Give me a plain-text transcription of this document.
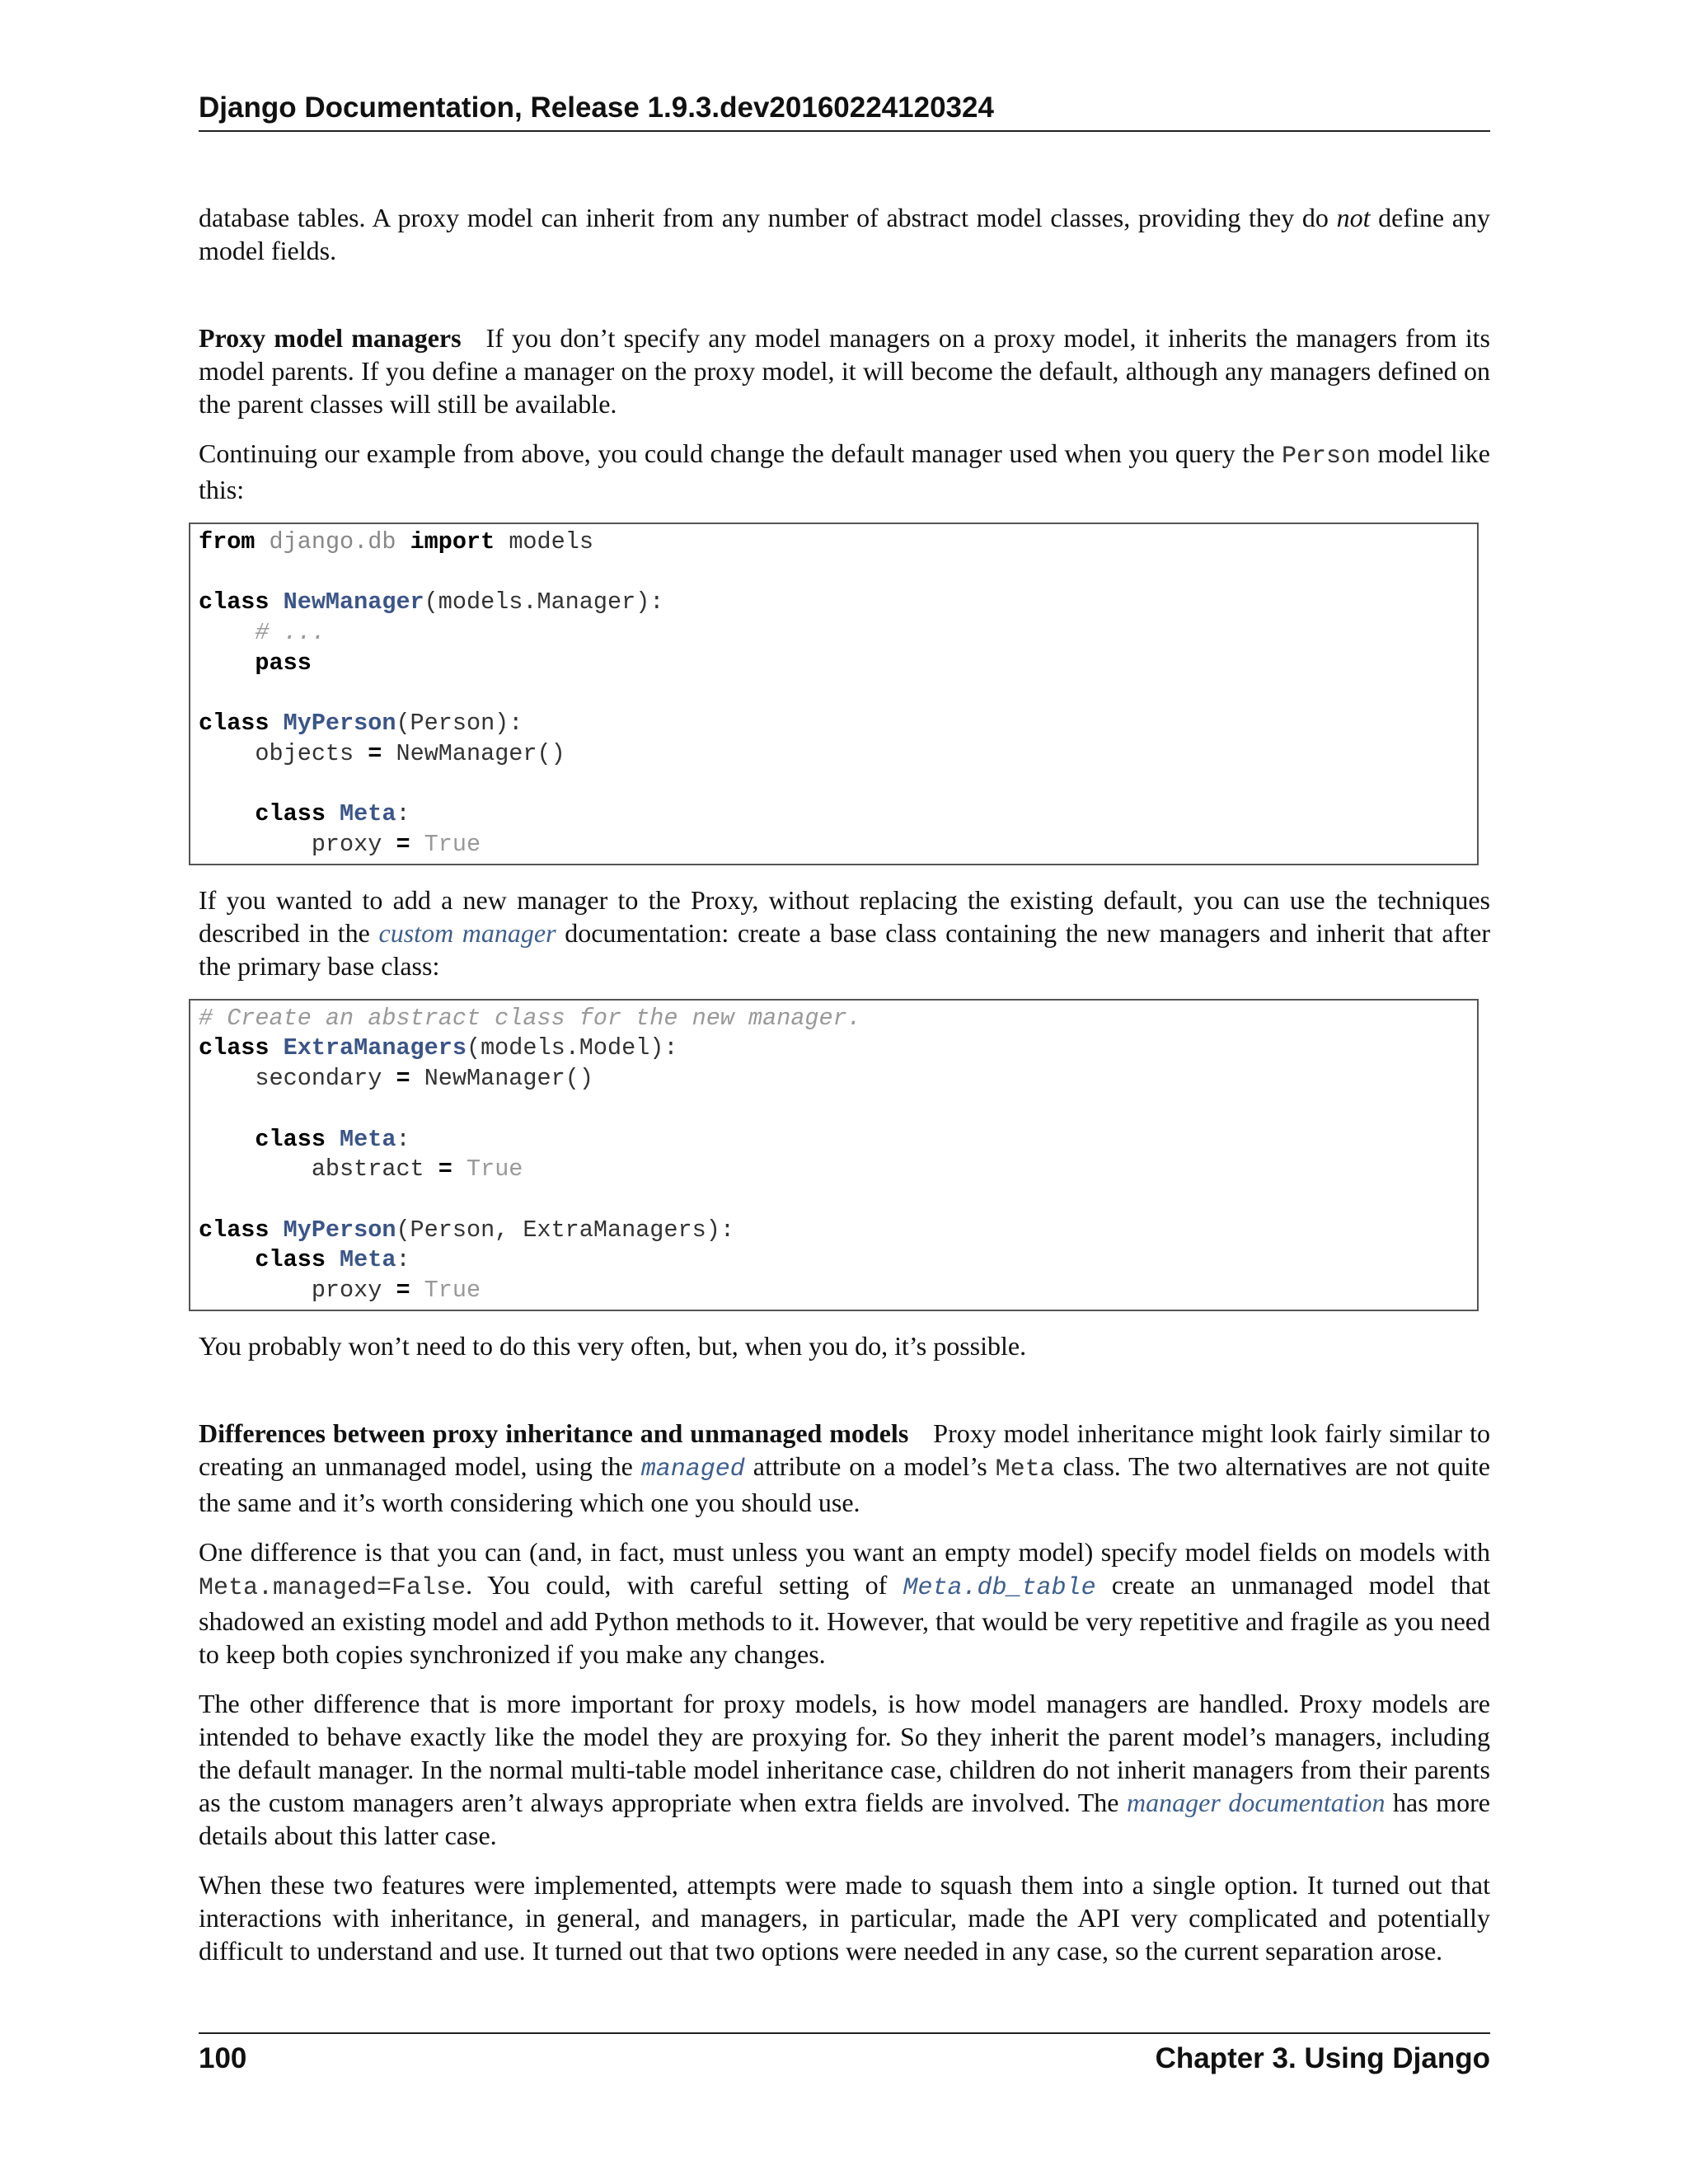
Django Documentation, Release 1.9.3.dev20160224120324

database tables. A proxy model can inherit from any number of abstract model classes, providing they do not define any model fields.

Proxy model managers If you don’t specify any model managers on a proxy model, it inherits the managers from its model parents. If you define a manager on the proxy model, it will become the default, although any managers defined on the parent classes will still be available.

Continuing our example from above, you could change the default manager used when you query the Person model like this:

from django.db import models

class NewManager(models.Manager):
# ...
pass

class MyPerson(Person):
objects = NewManager()

class Meta:
proxy = True

If you wanted to add a new manager to the Proxy, without replacing the existing default, you can use the techniques described in the custom manager documentation: create a base class containing the new managers and inherit that after the primary base class:

# Create an abstract class for the new manager.
class ExtraManagers(models.Model):
secondary = NewManager()

class Meta:
abstract = True

class MyPerson(Person, ExtraManagers):
class Meta:
proxy = True

You probably won’t need to do this very often, but, when you do, it’s possible.

Differences between proxy inheritance and unmanaged models Proxy model inheritance might look fairly similar to creating an unmanaged model, using the managed attribute on a model’s Meta class. The two alternatives are not quite the same and it’s worth considering which one you should use.

One difference is that you can (and, in fact, must unless you want an empty model) specify model fields on models with Meta.managed=False. You could, with careful setting of Meta.db_table create an unmanaged model that shadowed an existing model and add Python methods to it. However, that would be very repetitive and fragile as you need to keep both copies synchronized if you make any changes.

The other difference that is more important for proxy models, is how model managers are handled. Proxy models are intended to behave exactly like the model they are proxying for. So they inherit the parent model’s managers, including the default manager. In the normal multi-table model inheritance case, children do not inherit managers from their parents as the custom managers aren’t always appropriate when extra fields are involved. The manager documentation has more details about this latter case.

When these two features were implemented, attempts were made to squash them into a single option. It turned out that interactions with inheritance, in general, and managers, in particular, made the API very complicated and potentially difficult to understand and use. It turned out that two options were needed in any case, so the current separation arose.

100	Chapter 3. Using Django
